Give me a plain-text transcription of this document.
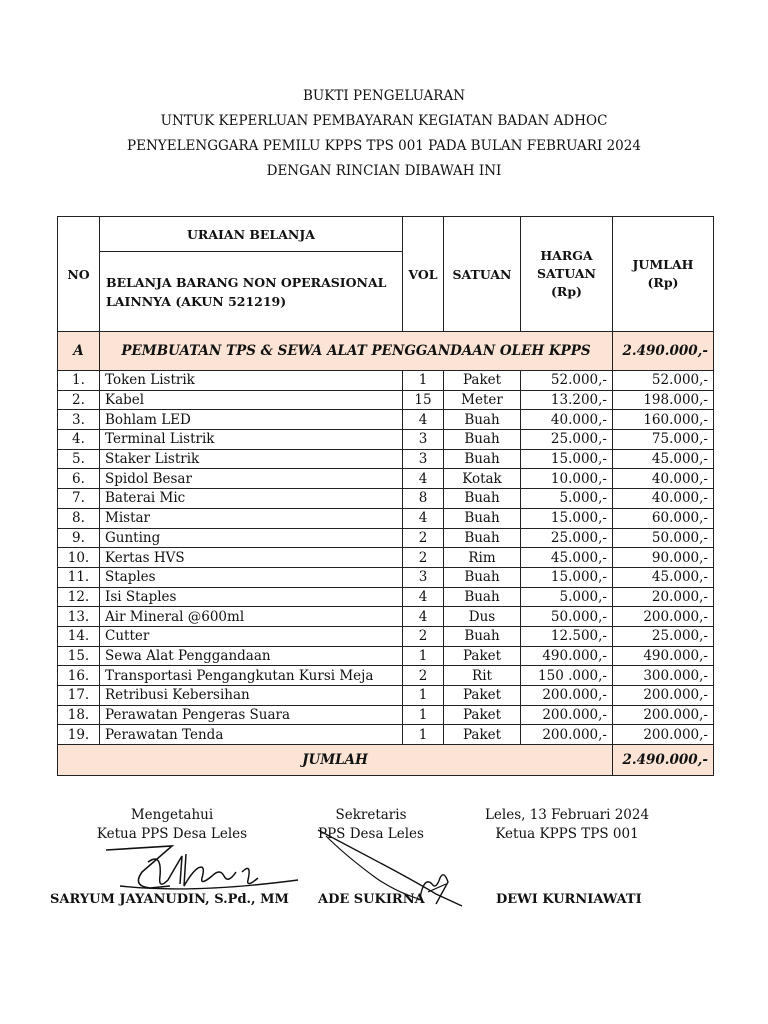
BUKTI PENGELUARAN
UNTUK KEPERLUAN PEMBAYARAN KEGIATAN BADAN ADHOC
PENYELENGGARA PEMILU KPPS TPS 001 PADA BULAN FEBRUARI 2024
DENGAN RINCIAN DIBAWAH INI
NO	URAIAN BELANJA	VOL	SATUAN	HARGA SATUAN (Rp)	JUMLAH (Rp)
	BELANJA BARANG NON OPERASIONAL LAINNYA (AKUN 521219)				
A	PEMBUATAN TPS & SEWA ALAT PENGGANDAAN OLEH KPPS				2.490.000,-
1.	Token Listrik	1	Paket	52.000,-	52.000,-
2.	Kabel	15	Meter	13.200,-	198.000,-
3.	Bohlam LED	4	Buah	40.000,-	160.000,-
4.	Terminal Listrik	3	Buah	25.000,-	75.000,-
5.	Staker Listrik	3	Buah	15.000,-	45.000,-
6.	Spidol Besar	4	Kotak	10.000,-	40.000,-
7.	Baterai Mic	8	Buah	5.000,-	40.000,-
8.	Mistar	4	Buah	15.000,-	60.000,-
9.	Gunting	2	Buah	25.000,-	50.000,-
10.	Kertas HVS	2	Rim	45.000,-	90.000,-
11.	Staples	3	Buah	15.000,-	45.000,-
12.	Isi Staples	4	Buah	5.000,-	20.000,-
13.	Air Mineral @600ml	4	Dus	50.000,-	200.000,-
14.	Cutter	2	Buah	12.500,-	25.000,-
15.	Sewa Alat Penggandaan	1	Paket	490.000,-	490.000,-
16.	Transportasi Pengangkutan Kursi Meja	2	Rit	150 .000,-	300.000,-
17.	Retribusi Kebersihan	1	Paket	200.000,-	200.000,-
18.	Perawatan Pengeras Suara	1	Paket	200.000,-	200.000,-
19.	Perawatan Tenda	1	Paket	200.000,-	200.000,-
JUMLAH					2.490.000,-
Mengetahui
Ketua PPS Desa Leles
Sekretaris
PPS Desa Leles
Leles, 13 Februari 2024
Ketua KPPS TPS 001
SARYUM JAYANUDIN, S.Pd., MM ADE SUKIRNA	DEWI KURNIAWATI
